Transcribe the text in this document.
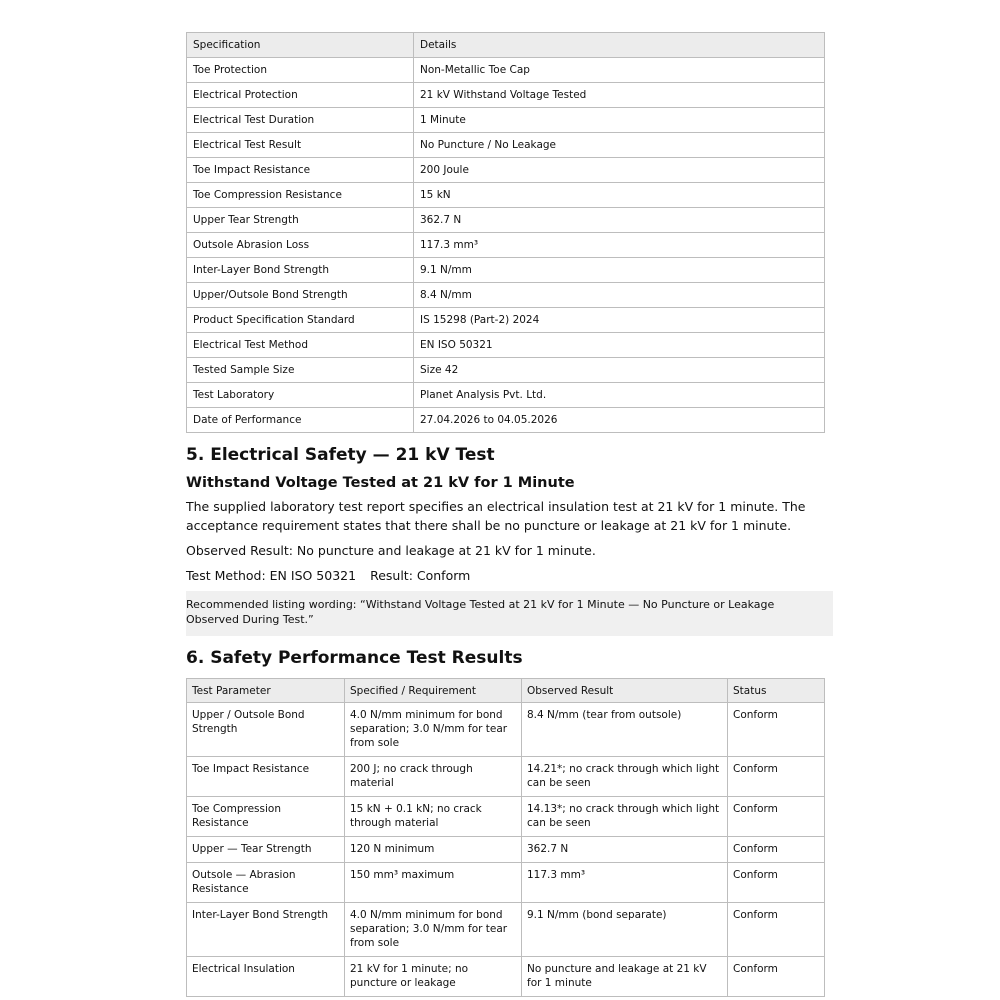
Specification	Details
Toe Protection	Non-Metallic Toe Cap
Electrical Protection	21 kV Withstand Voltage Tested
Electrical Test Duration	1 Minute
Electrical Test Result	No Puncture / No Leakage
Toe Impact Resistance	200 Joule
Toe Compression Resistance	15 kN
Upper Tear Strength	362.7 N
Outsole Abrasion Loss	117.3 mm³
Inter-Layer Bond Strength	9.1 N/mm
Upper/Outsole Bond Strength	8.4 N/mm
Product Specification Standard	IS 15298 (Part-2) 2024
Electrical Test Method	EN ISO 50321
Tested Sample Size	Size 42
Test Laboratory	Planet Analysis Pvt. Ltd.
Date of Performance	27.04.2026 to 04.05.2026
5. Electrical Safety — 21 kV Test
Withstand Voltage Tested at 21 kV for 1 Minute

The supplied laboratory test report specifies an electrical insulation test at 21 kV for 1 minute. The acceptance requirement states that there shall be no puncture or leakage at 21 kV for 1 minute.

Observed Result: No puncture and leakage at 21 kV for 1 minute.

Test Method: EN ISO 50321 Result: Conform

Recommended listing wording: “Withstand Voltage Tested at 21 kV for 1 Minute — No Puncture or Leakage Observed During Test.”
6. Safety Performance Test Results
Test Parameter	Specified / Requirement	Observed Result	Status
Upper / Outsole Bond Strength	4.0 N/mm minimum for bond separation; 3.0 N/mm for tear from sole	8.4 N/mm (tear from outsole)	Conform
Toe Impact Resistance	200 J; no crack through material	14.21*; no crack through which light can be seen	Conform
Toe Compression Resistance	15 kN + 0.1 kN; no crack through material	14.13*; no crack through which light can be seen	Conform
Upper — Tear Strength	120 N minimum	362.7 N	Conform
Outsole — Abrasion Resistance	150 mm³ maximum	117.3 mm³	Conform
Inter-Layer Bond Strength	4.0 N/mm minimum for bond separation; 3.0 N/mm for tear from sole	9.1 N/mm (bond separate)	Conform
Electrical Insulation	21 kV for 1 minute; no puncture or leakage	No puncture and leakage at 21 kV for 1 minute	Conform
